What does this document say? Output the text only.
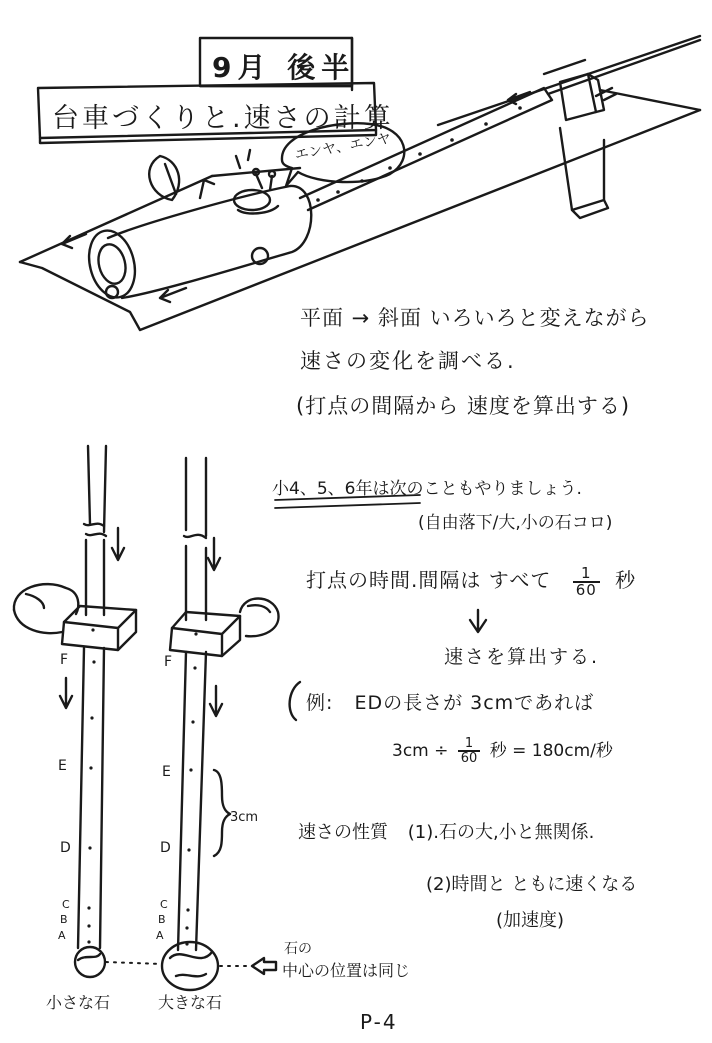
9月 後半
台車づくりと.速さの計算
エンヤ、エンヤ
平面 → 斜面 いろいろと変えながら
速さの変化を調べる.
(打点の間隔から 速度を算出する)
小4、5、6年は次のこともやりましょう.
(自由落下/大,小の石コロ)
打点の時間.間隔は すべて $\frac{1}{60}$ 秒
速さを算出する.
例: EDの長さが 3cmであれば
$3cm \div \frac{1}{60}$ 秒 = 180cm/秒
速さの性質 (1).石の大,小と無関係.
(2)時間と ともに速くなる
(加速度)
F
E
D
C
B
A
F
E
D
C
B
A
3cm
小さな石	大きな石
石の
中心の位置は同じ
P-4
